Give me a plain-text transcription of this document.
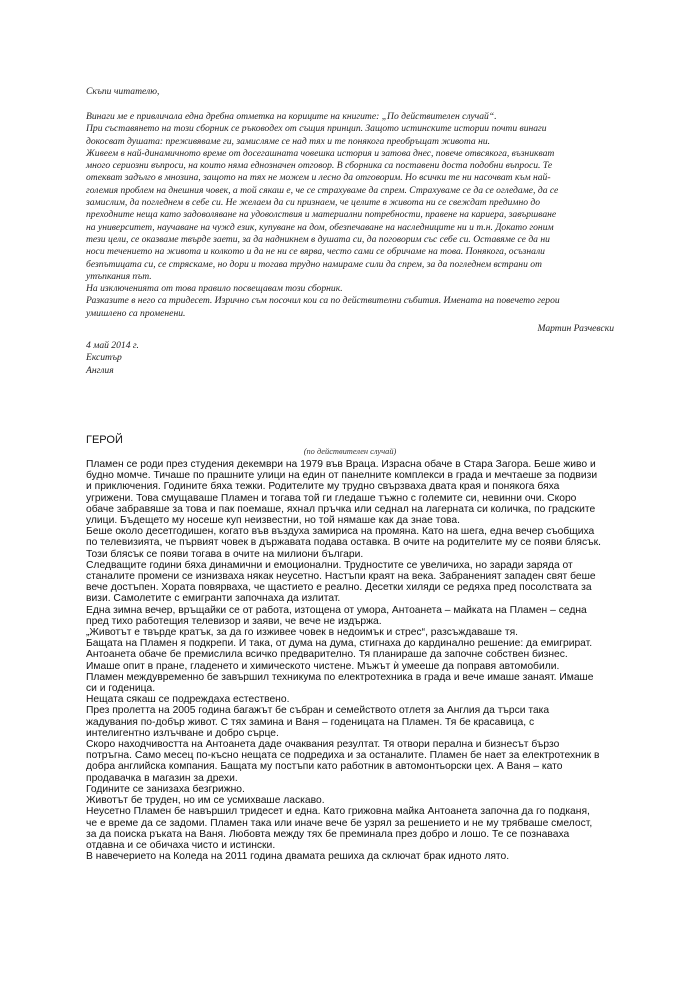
Скъпи читателю,
Винаги ме е привличала една дребна отметка на кориците на книгите: „По действителен случай“.
При съставянето на този сборник се ръководех от същия принцип. Защото истинските истории почти винаги
докосват душата: преживяваме ги, замисляме се над тях и те понякога преобръщат живота ни.
Живеем в най-динамичното време от досегашната човешка история и затова днес, повече отвсякога, възникват
много сериозни въпроси, на които няма еднозначен отговор. В сборника са поставени доста подобни въпроси. Те
отекват задълго в мнозина, защото на тях не можем и лесно да отговорим. Но всички те ни насочват към най-
големия проблем на днешния човек, а той сякаш е, че се страхуваме да спрем. Страхуваме се да се огледаме, да се
замислим, да погледнем в себе си. Не желаем да си признаем, че целите в живота ни се свеждат предимно до
преходните неща като задоволяване на удоволствия и материални потребности, правене на кариера, завършване
на университет, научаване на чужд език, купуване на дом, обезпечаване на наследниците ни и т.н. Докато гоним
тези цели, се оказваме твърде заети, за да надникнем в душата си, да поговорим със себе си. Оставяме се да ни
носи течението на живота и колкото и да не ни се вярва, често сами се обричаме на това. Понякога, осъзнали
безпътицата си, се стряскаме, но дори и тогава трудно намираме сили да спрем, за да погледнем встрани от
утъпкания път.
На изключенията от това правило посвещавам този сборник.
Разказите в него са тридесет. Изрично съм посочил кои са по действителни събития. Имената на повечето герои
умишлено са променени.
Мартин Разчевски
4 май 2014 г.
Екситър
Англия
ГЕРОЙ
(по действителен случай)
Пламен се роди през студения декември на 1979 във Враца. Израсна обаче в Стара Загора. Беше живо и
будно момче. Тичаше по прашните улици на един от панелните комплекси в града и мечтаеше за подвизи
и приключения. Годините бяха тежки. Родителите му трудно свързваха двата края и понякога бяха
угрижени. Това смущаваше Пламен и тогава той ги гледаше тъжно с големите си, невинни очи. Скоро
обаче забравяше за това и пак поемаше, яхнал пръчка или седнал на лагерната си количка, по градските
улици. Бъдещето му носеше куп неизвестни, но той нямаше как да знае това.
Беше около десетгодишен, когато във въздуха замириса на промяна. Като на шега, една вечер съобщиха
по телевизията, че първият човек в държавата подава оставка. В очите на родителите му се появи блясък.
Този блясък се появи тогава в очите на милиони българи.
Следващите години бяха динамични и емоционални. Трудностите се увеличиха, но заради заряда от
станалите промени се изнизваха някак неусетно. Настъпи краят на века. Забраненият западен свят беше
вече достъпен. Хората повярваха, че щастието е реално. Десетки хиляди се редяха пред посолствата за
визи. Самолетите с емигранти започнаха да излитат.
Една зимна вечер, връщайки се от работа, изтощена от умора, Антоанета – майката на Пламен – седна
пред тихо работещия телевизор и заяви, че вече не издържа.
„Животът е твърде кратък, за да го изживее човек в недоимък и стрес“, разсъждаваше тя.
Бащата на Пламен я подкрепи. И така, от дума на дума, стигнаха до кардинално решение: да емигрират.
Антоанета обаче бе премислила всичко предварително. Тя планираше да започне собствен бизнес.
Имаше опит в пране, гладенето и химическото чистене. Мъжът ѝ умееше да поправя автомобили.
Пламен междувременно бе завършил техникума по електротехника в града и вече имаше занаят. Имаше
си и годеница.
Нещата сякаш се подреждаха естествено.
През пролетта на 2005 година багажът бе събран и семейството отлетя за Англия да търси така
жадувания по-добър живот. С тях замина и Ваня – годеницата на Пламен. Тя бе красавица, с
интелигентно излъчване и добро сърце.
Скоро находчивостта на Антоанета даде очаквания резултат. Тя отвори перална и бизнесът бързо
потръгна. Само месец по-късно нещата се подредиха и за останалите. Пламен бе нает за електротехник в
добра английска компания. Бащата му постъпи като работник в автомонтьорски цех. А Ваня – като
продавачка в магазин за дрехи.
Годините се занизаха безгрижно.
Животът бе труден, но им се усмихваше ласкаво.
Неусетно Пламен бе навършил тридесет и една. Като грижовна майка Антоанета започна да го подканя,
че е време да се задоми. Пламен така или иначе вече бе узрял за решението и не му трябваше смелост,
за да поиска ръката на Ваня. Любовта между тях бе преминала през добро и лошо. Те се познаваха
отдавна и се обичаха чисто и истински.
В навечерието на Коледа на 2011 година двамата решиха да сключат брак идното лято.
